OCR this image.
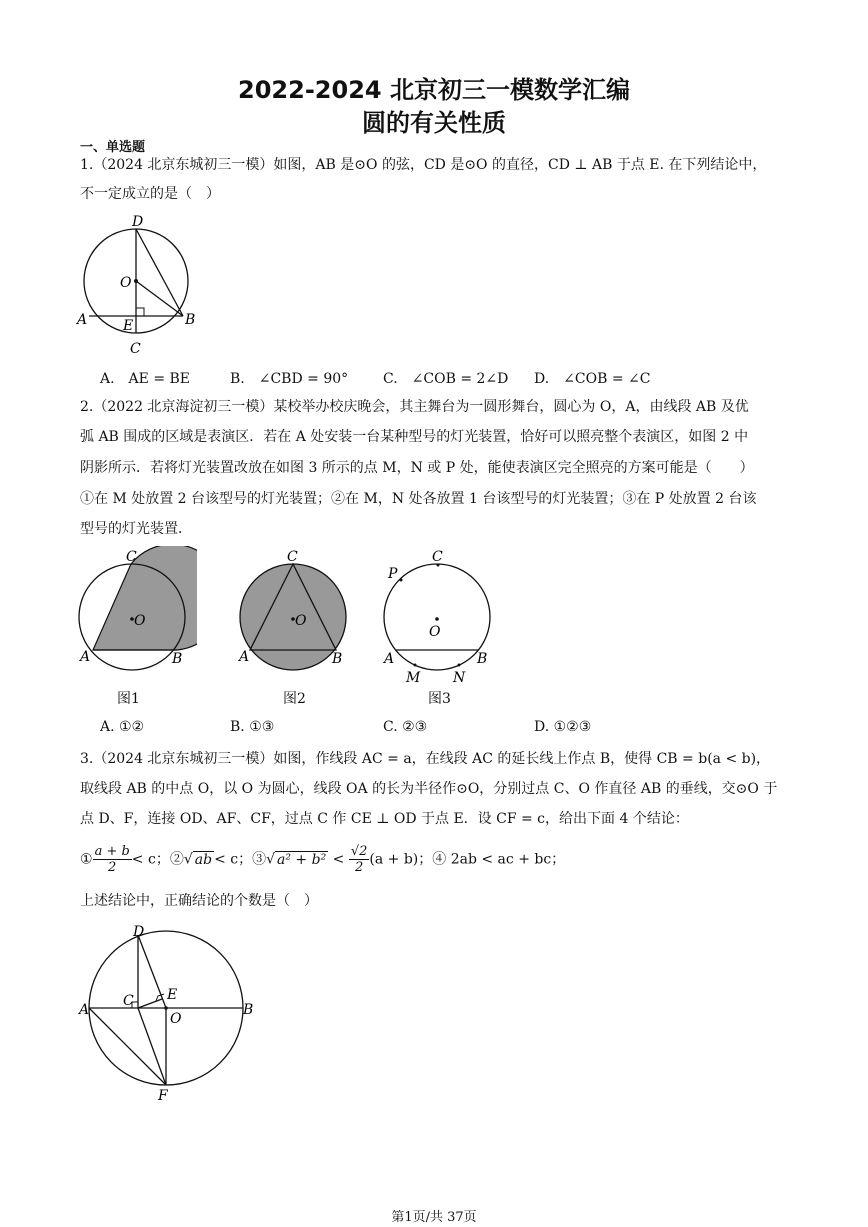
2022-2024 北京初三一模数学汇编
圆的有关性质
一、单选题
1.（2024 北京东城初三一模）如图，AB 是⊙O 的弦，CD 是⊙O 的直径，CD ⊥ AB 于点 E. 在下列结论中，
不一定成立的是（　）
D
O
A	E	B
C
A.　AE = BE	B.　∠CBD = 90° C.　∠COB = 2∠D D.　∠COB = ∠C
2.（2022 北京海淀初三一模）某校举办校庆晚会，其主舞台为一圆形舞台，圆心为 O，A，由线段 AB 及优
弧 AB 围成的区域是表演区．若在 A 处安装一台某种型号的灯光装置，恰好可以照亮整个表演区，如图 2 中
阴影所示．若将灯光装置改放在如图 3 所示的点 M，N 或 P 处，能使表演区完全照亮的方案可能是（　　）
①在 M 处放置 2 台该型号的灯光装置；②在 M，N 处各放置 1 台该型号的灯光装置；③在 P 处放置 2 台该
型号的灯光装置．
C
O
A	B
C
O
A	B
C
P
O
A	B
M N
图1	图2	图3
A. ①②	B. ①③	C. ②③	D. ①②③
3.（2024 北京东城初三一模）如图，作线段 AC = a，在线段 AC 的延长线上作点 B，使得 CB = b(a < b)，
取线段 AB 的中点 O，以 O 为圆心，线段 OA 的长为半径作⊙O，分别过点 C、O 作直径 AB 的垂线，交⊙O 于
点 D、F，连接 OD、AF、CF，过点 C 作 CE ⊥ OD 于点 E．设 CF = c，给出下面 4 个结论：
① $\frac{a + b}{2} < c$；②√ ab < c；③√ $a^2 + b^2 < \frac{√2}{2} (a + b)$；④ 2ab < ac + bc；
上述结论中，正确结论的个数是（　）
D
E
A
C
O
B
F
第1页/共 37页
